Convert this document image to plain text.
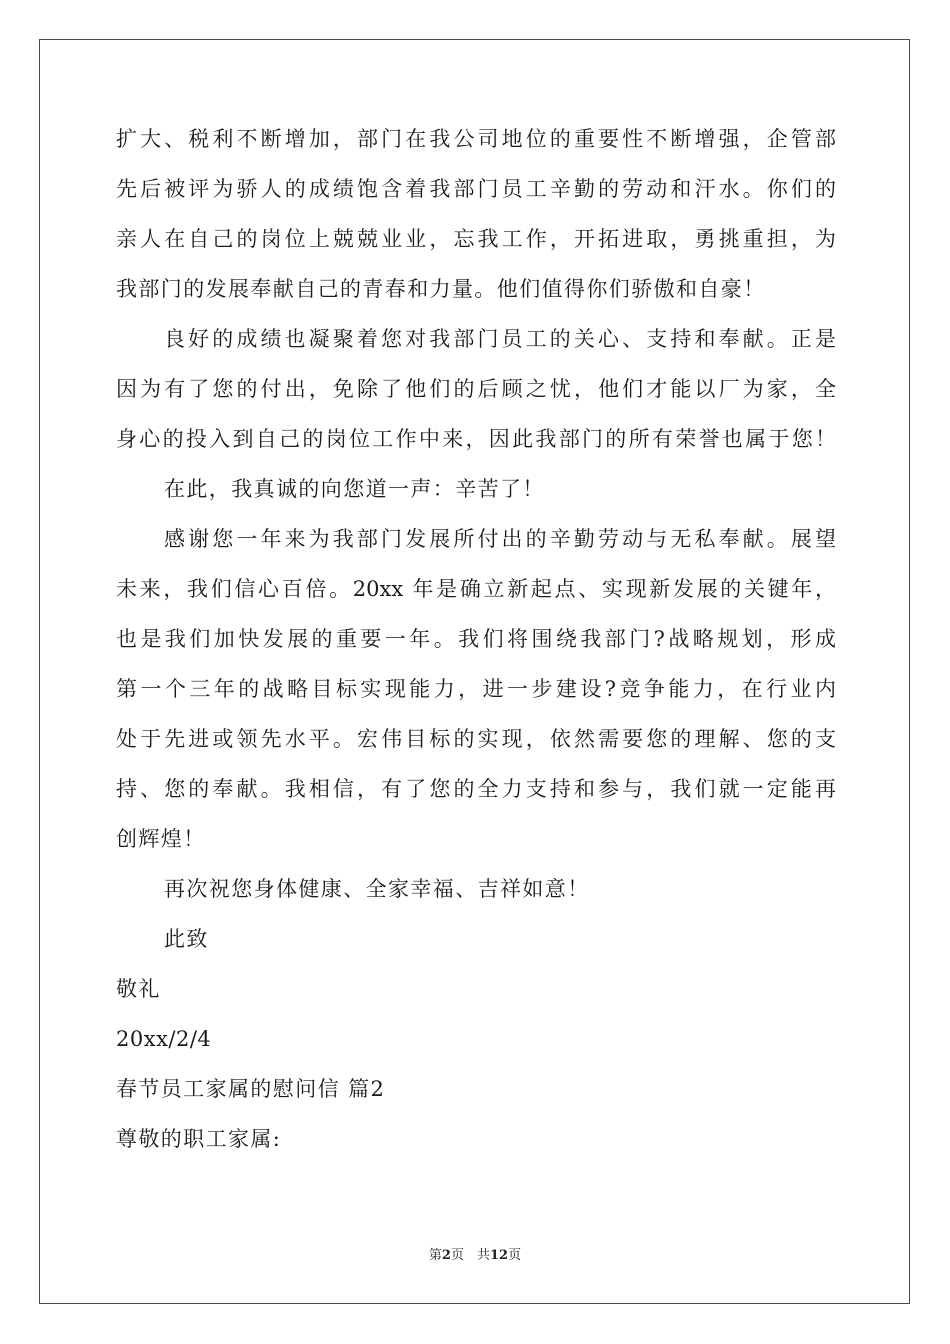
扩大、税利不断增加，部门在我公司地位的重要性不断增强，企管部
先后被评为骄人的成绩饱含着我部门员工辛勤的劳动和汗水。你们的
亲人在自己的岗位上兢兢业业，忘我工作，开拓进取，勇挑重担，为
我部门的发展奉献自己的青春和力量。他们值得你们骄傲和自豪！
良好的成绩也凝聚着您对我部门员工的关心、支持和奉献。正是
因为有了您的付出，免除了他们的后顾之忧，他们才能以厂为家，全
身心的投入到自己的岗位工作中来，因此我部门的所有荣誉也属于您！
在此，我真诚的向您道一声：辛苦了！
感谢您一年来为我部门发展所付出的辛勤劳动与无私奉献。展望
未来，我们信心百倍。20xx 年是确立新起点、实现新发展的关键年，
也是我们加快发展的重要一年。我们将围绕我部门?战略规划，形成
第一个三年的战略目标实现能力，进一步建设?竞争能力，在行业内
处于先进或领先水平。宏伟目标的实现，依然需要您的理解、您的支
持、您的奉献。我相信，有了您的全力支持和参与，我们就一定能再
创辉煌！
再次祝您身体健康、全家幸福、吉祥如意！
此致
敬礼
20xx/2/4
春节员工家属的慰问信 篇2
尊敬的职工家属:
第2页　共12页
